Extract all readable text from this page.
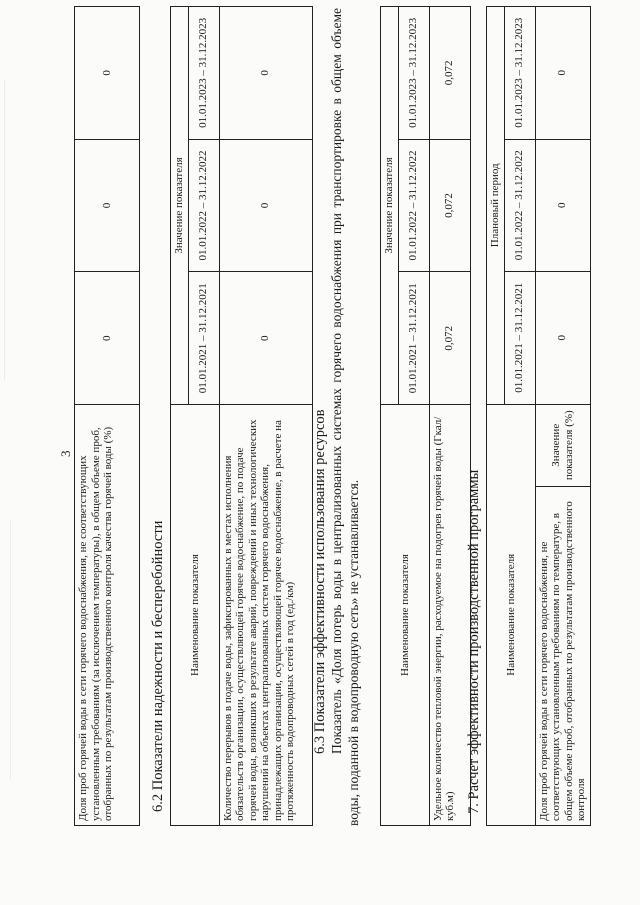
3
Доля проб горячей воды в сети горячего водоснабжения, не соответствующих установленным требованиям (за исключением температуры), в общем объеме проб, отобранных по результатам производственного контроля качества горячей воды (%)	0	0	0
6.2 Показатели надежности и бесперебойности Наименование показателя	Значение показателя		
	01.01.2021 – 31.12.2021	01.01.2022 – 31.12.2022	01.01.2023 – 31.12.2023
Количество перерывов в подаче воды, зафиксированных в местах исполнения обязательств организации, осуществляющей горячее водоснабжение, по подаче горячей воды, возникших в результате аварий, повреждений и иных технологических нарушений на объектах централизованных систем горячего водоснабжения, принадлежащих организации, осуществляющей горячее водоснабжение, в расчете на протяженность водопроводных сетей в год (ед./км)	0	0	0
6.3 Показатели эффективности использования ресурсов Показатель «Доля потерь воды в централизованных системах горячего водоснабжения при транспортировке в общем объеме воды, поданной в водопроводную сеть» не устанавливается.	Наименование показателя	Значение показателя		
	01.01.2021 – 31.12.2021	01.01.2022 – 31.12.2022	01.01.2023 – 31.12.2023
Удельное количество тепловой энергии, расходуемое на подогрев горячей воды (Гкал/куб.м)	0,072	0,072	0,072
7. Расчет эффективности производственной программы Наименование показателя		Плановый период		
		01.01.2021 – 31.12.2021	01.01.2022 – 31.12.2022	01.01.2023 – 31.12.2023
Доля проб горячей воды в сети горячего водоснабжения, не соответствующих установленным требованиям по температуре, в общем объеме проб, отобранных по результатам производственного контроля	Значение показателя (%)	0	0	0
